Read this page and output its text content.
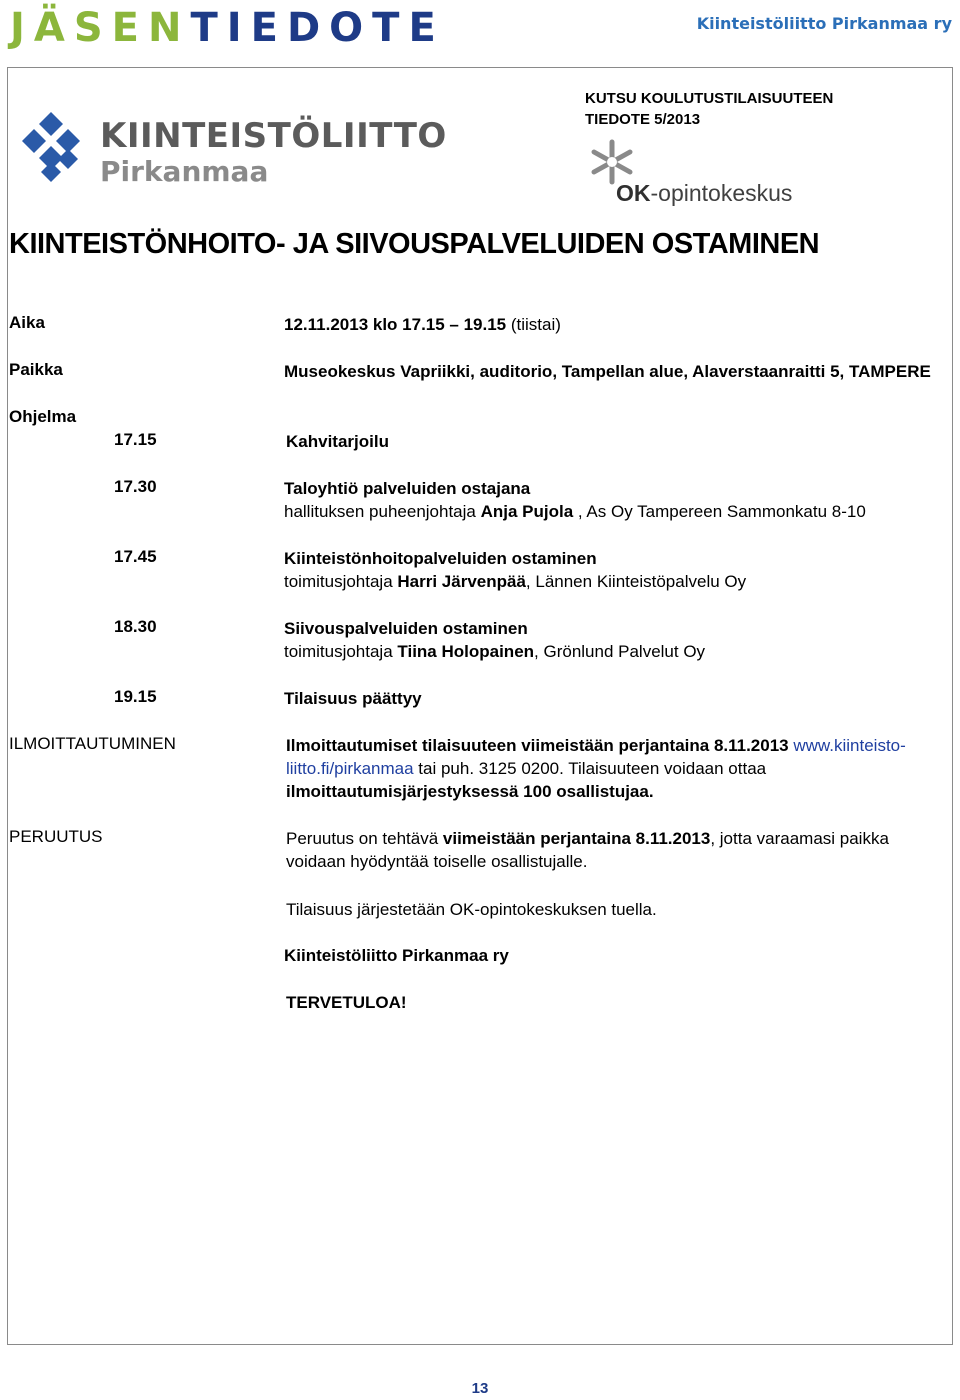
JÄSEN TIEDOTE	Kiinteistöliitto Pirkanmaa ry
KIINTEISTÖLIITTO
Pirkanmaa
KUTSU KOULUTUSTILAISUUTEEN
TIEDOTE 5/2013
OK-opintokeskus
KIINTEISTÖNHOITO- JA SIIVOUSPALVELUIDEN OSTAMINEN
Aika	12.11.2013 klo 17.15 – 19.15 (tiistai)
Paikka	Museokeskus Vapriikki, auditorio, Tampellan alue, Alaverstaanraitti 5, TAMPERE
Ohjelma
17.15	Kahvitarjoilu
17.30	Taloyhtiö palveluiden ostajana
hallituksen puheenjohtaja Anja Pujola , As Oy Tampereen Sammonkatu 8-10
17.45	Kiinteistönhoitopalveluiden ostaminen
toimitusjohtaja Harri Järvenpää, Lännen Kiinteistöpalvelu Oy
18.30	Siivouspalveluiden ostaminen
toimitusjohtaja Tiina Holopainen, Grönlund Palvelut Oy
19.15	Tilaisuus päättyy
ILMOITTAUTUMINEN	Ilmoittautumiset tilaisuuteen viimeistään perjantaina 8.11.2013 www.kiinteisto-liitto.fi/pirkanmaa tai puh. 3125 0200. Tilaisuuteen voidaan ottaa ilmoittautumisjärjestyksessä 100 osallistujaa.
PERUUTUS	Peruutus on tehtävä viimeistään perjantaina 8.11.2013, jotta varaamasi paikka voidaan hyödyntää toiselle osallistujalle.
Tilaisuus järjestetään OK-opintokeskuksen tuella.
Kiinteistöliitto Pirkanmaa ry
TERVETULOA!
13
